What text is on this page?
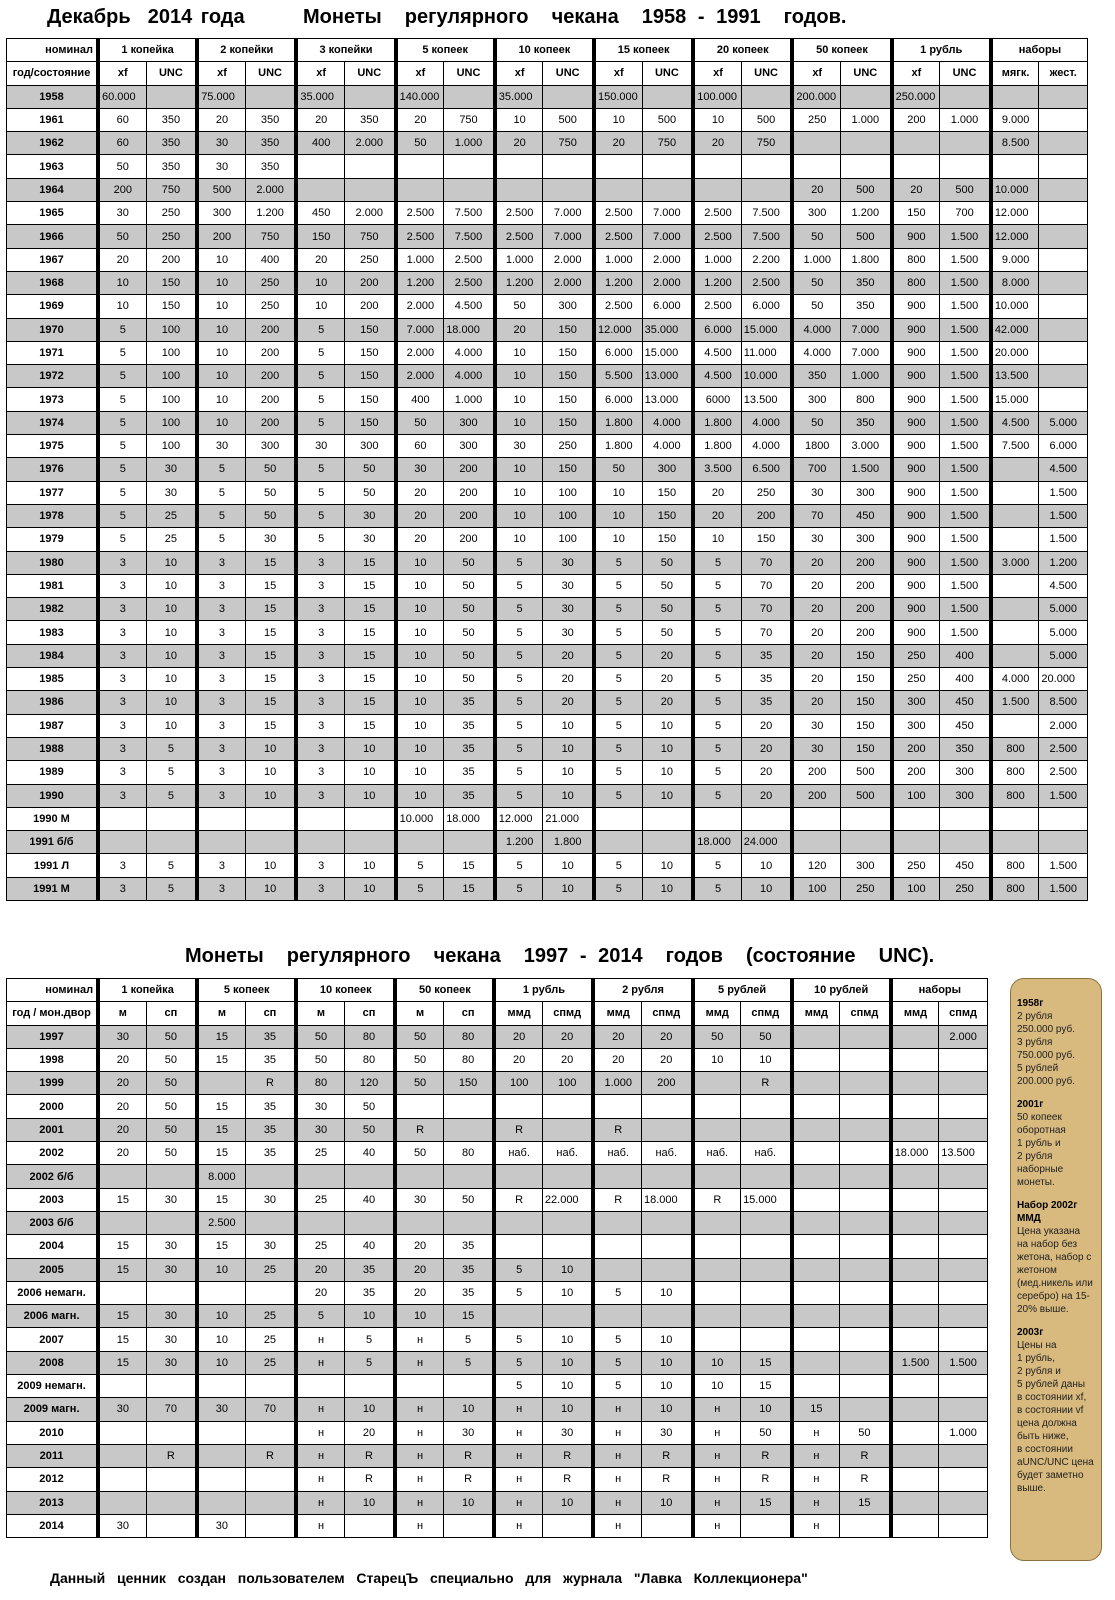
Декабрь  2014 года	Монеты  регулярного  чекана  1958 - 1991  годов.
номинал	1 копейка		2 копейки		3 копейки		5 копеек		10 копеек		15 копеек		20 копеек		50 копеек		1 рубль		наборы	
год/состояние	xf	UNC	xf	UNC	xf	UNC	xf	UNC	xf	UNC	xf	UNC	xf	UNC	xf	UNC	xf	UNC	мягк.	жест.
1958	60.000		75.000		35.000		140.000		35.000		150.000		100.000		200.000		250.000			
1961	60	350	20	350	20	350	20	750	10	500	10	500	10	500	250	1.000	200	1.000	9.000	
1962	60	350	30	350	400	2.000	50	1.000	20	750	20	750	20	750					8.500	
1963	50	350	30	350																
1964	200	750	500	2.000											20	500	20	500	10.000	
1965	30	250	300	1.200	450	2.000	2.500	7.500	2.500	7.000	2.500	7.000	2.500	7.500	300	1.200	150	700	12.000	
1966	50	250	200	750	150	750	2.500	7.500	2.500	7.000	2.500	7.000	2.500	7.500	50	500	900	1.500	12.000	
1967	20	200	10	400	20	250	1.000	2.500	1.000	2.000	1.000	2.000	1.000	2.200	1.000	1.800	800	1.500	9.000	
1968	10	150	10	250	10	200	1.200	2.500	1.200	2.000	1.200	2.000	1.200	2.500	50	350	800	1.500	8.000	
1969	10	150	10	250	10	200	2.000	4.500	50	300	2.500	6.000	2.500	6.000	50	350	900	1.500	10.000	
1970	5	100	10	200	5	150	7.000	18.000	20	150	12.000	35.000	6.000	15.000	4.000	7.000	900	1.500	42.000	
1971	5	100	10	200	5	150	2.000	4.000	10	150	6.000	15.000	4.500	11.000	4.000	7.000	900	1.500	20.000	
1972	5	100	10	200	5	150	2.000	4.000	10	150	5.500	13.000	4.500	10.000	350	1.000	900	1.500	13.500	
1973	5	100	10	200	5	150	400	1.000	10	150	6.000	13.000	6000	13.500	300	800	900	1.500	15.000	
1974	5	100	10	200	5	150	50	300	10	150	1.800	4.000	1.800	4.000	50	350	900	1.500	4.500	5.000
1975	5	100	30	300	30	300	60	300	30	250	1.800	4.000	1.800	4.000	1800	3.000	900	1.500	7.500	6.000
1976	5	30	5	50	5	50	30	200	10	150	50	300	3.500	6.500	700	1.500	900	1.500		4.500
1977	5	30	5	50	5	50	20	200	10	100	10	150	20	250	30	300	900	1.500		1.500
1978	5	25	5	50	5	30	20	200	10	100	10	150	20	200	70	450	900	1.500		1.500
1979	5	25	5	30	5	30	20	200	10	100	10	150	10	150	30	300	900	1.500		1.500
1980	3	10	3	15	3	15	10	50	5	30	5	50	5	70	20	200	900	1.500	3.000	1.200
1981	3	10	3	15	3	15	10	50	5	30	5	50	5	70	20	200	900	1.500		4.500
1982	3	10	3	15	3	15	10	50	5	30	5	50	5	70	20	200	900	1.500		5.000
1983	3	10	3	15	3	15	10	50	5	30	5	50	5	70	20	200	900	1.500		5.000
1984	3	10	3	15	3	15	10	50	5	20	5	20	5	35	20	150	250	400		5.000
1985	3	10	3	15	3	15	10	50	5	20	5	20	5	35	20	150	250	400	4.000	20.000
1986	3	10	3	15	3	15	10	35	5	20	5	20	5	35	20	150	300	450	1.500	8.500
1987	3	10	3	15	3	15	10	35	5	10	5	10	5	20	30	150	300	450		2.000
1988	3	5	3	10	3	10	10	35	5	10	5	10	5	20	30	150	200	350	800	2.500
1989	3	5	3	10	3	10	10	35	5	10	5	10	5	20	200	500	200	300	800	2.500
1990	3	5	3	10	3	10	10	35	5	10	5	10	5	20	200	500	100	300	800	1.500
1990 М							10.000	18.000	12.000	21.000										
1991 б/б									1.200	1.800			18.000	24.000						
1991 Л	3	5	3	10	3	10	5	15	5	10	5	10	5	10	120	300	250	450	800	1.500
1991 М	3	5	3	10	3	10	5	15	5	10	5	10	5	10	100	250	100	250	800	1.500
Монеты  регулярного  чекана  1997 - 2014  годов  (состояние  UNC).
номинал	1 копейка		5 копеек		10 копеек		50 копеек		1 рубль		2 рубля		5 рублей		10 рублей		наборы	
год / мон.двор	м	сп	м	сп	м	сп	м	сп	ммд	спмд	ммд	спмд	ммд	спмд	ммд	спмд	ммд	спмд
1997	30	50	15	35	50	80	50	80	20	20	20	20	50	50				2.000
1998	20	50	15	35	50	80	50	80	20	20	20	20	10	10				
1999	20	50		R	80	120	50	150	100	100	1.000	200		R				
2000	20	50	15	35	30	50												
2001	20	50	15	35	30	50	R		R		R							
2002	20	50	15	35	25	40	50	80	наб.	наб.	наб.	наб.	наб.	наб.			18.000	13.500
2002 б/б			8.000															
2003	15	30	15	30	25	40	30	50	R	22.000	R	18.000	R	15.000				
2003 б/б			2.500															
2004	15	30	15	30	25	40	20	35										
2005	15	30	10	25	20	35	20	35	5	10								
2006 немагн.					20	35	20	35	5	10	5	10						
2006 магн.	15	30	10	25	5	10	10	15										
2007	15	30	10	25	н	5	н	5	5	10	5	10						
2008	15	30	10	25	н	5	н	5	5	10	5	10	10	15			1.500	1.500
2009 немагн.									5	10	5	10	10	15				
2009 магн.	30	70	30	70	н	10	н	10	н	10	н	10	н	10	15			
2010					н	20	н	30	н	30	н	30	н	50	н	50		1.000
2011		R		R	н	R	н	R	н	R	н	R	н	R	н	R		
2012					н	R	н	R	н	R	н	R	н	R	н	R		
2013					н	10	н	10	н	10	н	10	н	15	н	15		
2014	30		30		н		н		н		н		н		н			
1958г
2 рубля
250.000 руб.
3 рубля
750.000 руб.
5 рублей
200.000 руб.
2001г
50 копеек
оборотная
1 рубль и
2 рубля
наборные
монеты.
Набор 2002г
ММД
Цена указана
на набор без
жетона, набор с
жетоном
(мед.никель или
серебро) на 15-
20% выше.
2003г
Цены на
1 рубль,
2 рубля и
5 рублей даны
в состоянии xf,
в состоянии vf
цена должна
быть ниже,
в состоянии
aUNC/UNC цена
будет заметно
выше.
Данный  ценник  создан  пользователем  СтарецЪ  специально  для  журнала  "Лавка  Коллекционера"
